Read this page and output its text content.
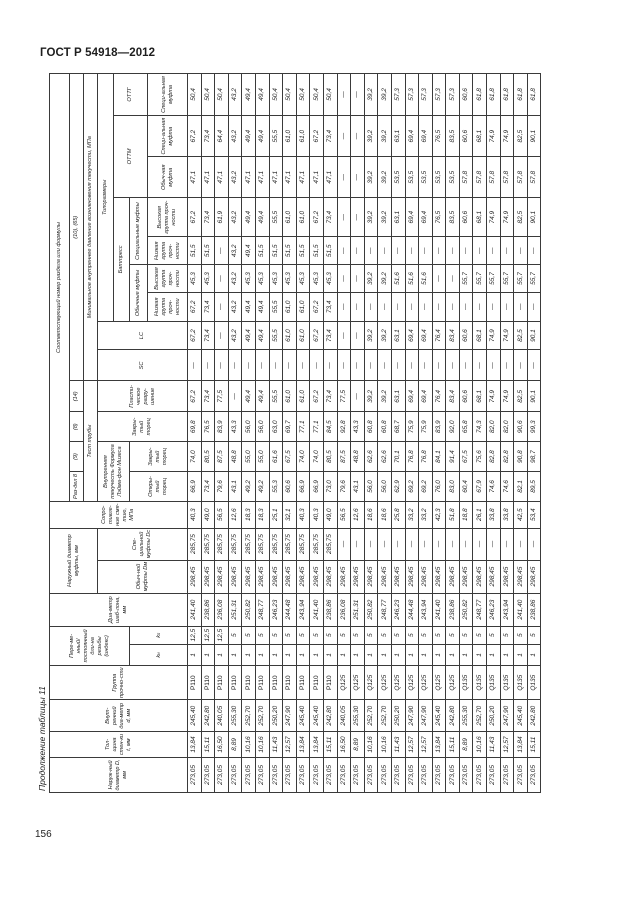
ГОСТ Р 54918—2012
156
Продолжение таблицы 11	Наруж-ный диаметр D, мм	Тол-щина стен-ки t, мм	Внут-ренний диа-метр d, мм	Группа прочно-сти	Пере-ме-нный/ постоянный дли-на резьбы (индекс)		Диа-метр шаб-лона, мм	Наружный диаметр муфты, мм		Сопро-тивле-ние смя-тию, МПа	Соответствующий номер раздела или формулы												
										Раз-дел 8	(9)	(8)	(14)	(10), (65)								
										Тест трубы				Минимальное внутреннее давление возникновения текучести, МПа								
							Обыч-ной муфты Dм	Спе-циальной муфты Dс		Внутренняя текучесть Формула Лэйма-фон Мизеса		Закры-тый торец	Пласти-ческое разру-шение	SC	LC	Типоразмеры						
																Баттресс				ОТТМ		ОТТГ
				kн	ks					Откры-тый торец	Закры-тый торец					Обычные муфты		Специальные муфты				
																Низкая группа проч-ности	Высокая группа проч-ности	Низкая группа проч-ности	Высокая группа проч-ности	Обыч-ная муфта	Специ-альная муфта	Специ-альная муфта
273,05	13,84	245,40	P110	1	12,5	241,40	298,45	285,75	40,3	66,9	74,0	69,8	67,2	—	67,2	67,2	45,3	51,5	67,2	47,1	67,2	50,4
273,05	15,11	242,80	P110	1	12,5	238,86	298,45	285,75	49,0	73,4	80,5	76,5	73,4	—	73,4	73,4	45,3	51,5	73,4	47,1	73,4	50,4
273,05	16,50	240,05	P110	1	12,5	236,08	298,45	285,75	56,5	79,6	87,5	83,9	77,5	—	—	—	—	—	61,9	47,1	64,4	50,4
273,05	8,89	255,30	P110	1	5	251,31	298,45	285,75	12,6	43,1	48,8	43,3	—	—	43,2	43,2	43,2	43,2	43,2	43,2	43,2	43,2
273,05	10,16	252,70	P110	1	5	250,82	298,45	285,75	18,3	49,2	55,0	56,0	49,4	—	49,4	49,4	45,3	49,4	49,4	47,1	49,4	49,4
273,05	10,16	252,70	P110	1	5	248,77	298,45	285,75	18,3	49,2	55,0	56,0	49,4	—	49,4	49,4	45,3	51,5	49,4	47,1	49,4	49,4
273,05	11,43	250,20	P110	1	5	246,23	298,45	285,75	25,1	55,3	61,6	63,0	55,5	—	55,5	55,5	45,3	51,5	55,5	47,1	55,5	50,4
273,05	12,57	247,90	P110	1	5	244,48	298,45	285,75	32,1	60,6	67,5	69,7	61,0	—	61,0	61,0	45,3	51,5	61,0	47,1	61,0	50,4
273,05	13,84	245,40	P110	1	5	243,94	298,45	285,75	40,3	66,9	74,0	77,1	61,0	—	61,0	61,0	45,3	51,5	61,0	47,1	61,0	50,4
273,05	13,84	245,40	P110	1	5	241,40	298,45	285,75	40,3	66,9	74,0	77,1	67,2	—	67,2	67,2	45,3	51,5	67,2	47,1	67,2	50,4
273,05	15,11	242,80	P110	1	5	238,86	298,45	285,75	49,0	73,0	80,5	84,5	73,4	—	73,4	73,4	45,3	51,5	73,4	47,1	73,4	50,4
273,05	16,50	240,05	Q125	1	5	236,08	298,45	—	56,5	79,6	87,5	92,8	77,5	—	—	—	—	—	—	—	—	—
273,05	8,89	255,30	Q125	1	5	251,31	298,45	—	12,6	43,1	48,8	43,3	—	—	—	—	—	—	—	—	—	—
273,05	10,16	252,70	Q125	1	5	250,82	298,45	—	18,6	56,0	62,6	60,8	39,2	—	39,2	—	39,2	—	39,2	39,2	39,2	39,2
273,05	10,16	252,70	Q125	1	5	248,77	298,45	—	18,6	56,0	62,6	60,8	39,2	—	39,2	—	39,2	—	39,2	39,2	39,2	39,2
273,05	11,43	250,20	Q125	1	5	246,23	298,45	—	25,8	62,9	70,1	68,7	63,1	—	63,1	—	51,6	—	63,1	53,5	63,1	57,3
273,05	12,57	247,90	Q125	1	5	244,48	298,45	—	33,2	69,2	76,8	75,9	69,4	—	69,4	—	51,6	—	69,4	53,5	69,4	57,3
273,05	12,57	247,90	Q125	1	5	243,94	298,45	—	33,2	69,2	76,8	75,9	69,4	—	69,4	—	51,6	—	69,4	53,5	69,4	57,3
273,05	13,84	245,40	Q125	1	5	241,40	298,45	—	42,3	76,0	84,1	83,9	76,4	—	76,4	—	—	—	76,5	53,5	76,5	57,3
273,05	15,11	242,80	Q125	1	5	238,86	298,45	—	51,8	83,0	91,4	92,0	83,4	—	83,4	—	—	—	83,5	53,5	83,5	57,3
273,05	8,89	255,30	Q135	1	5	250,82	298,45	—	18,8	60,4	67,5	65,8	60,6	—	60,6	—	55,7	—	60,6	57,8	60,6	60,6
273,05	10,16	252,70	Q135	1	5	248,77	298,45	—	26,1	67,9	75,6	74,3	68,1	—	68,1	—	55,7	—	68,1	57,8	68,1	61,8
273,05	11,43	250,20	Q135	1	5	246,23	298,45	—	33,8	74,6	82,8	82,0	74,9	—	74,9	—	55,7	—	74,9	57,8	74,9	61,8
273,05	12,57	247,90	Q135	1	5	243,94	298,45	—	33,8	74,6	82,8	82,0	74,9	—	74,9	—	55,7	—	74,9	57,8	74,9	61,8
273,05	13,84	245,40	Q135	1	5	241,40	298,45	—	42,5	82,1	90,8	90,6	82,5	—	82,5	—	55,7	—	82,5	57,8	82,5	61,8
273,05	15,11	242,80	Q135	1	5	238,86	298,45	—	53,4	89,5	98,7	99,3	90,1	—	90,1	—	55,7	—	90,1	57,8	90,1	61,8
